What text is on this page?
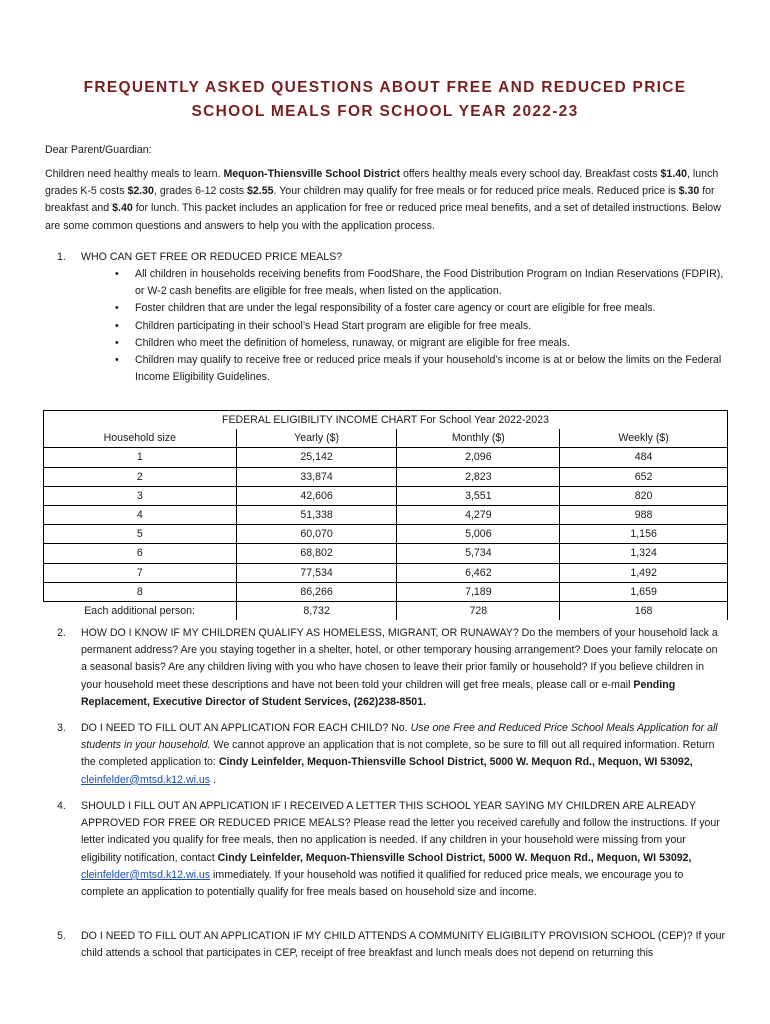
FREQUENTLY ASKED QUESTIONS ABOUT FREE AND REDUCED PRICE
SCHOOL MEALS FOR SCHOOL YEAR 2022-23
Dear Parent/Guardian:
Children need healthy meals to learn. Mequon-Thiensville School District offers healthy meals every school day. Breakfast costs $1.40, lunch grades K-5 costs $2.30, grades 6-12 costs $2.55. Your children may qualify for free meals or for reduced price meals. Reduced price is $.30 for breakfast and $.40 for lunch. This packet includes an application for free or reduced price meal benefits, and a set of detailed instructions. Below are some common questions and answers to help you with the application process.
1. WHO CAN GET FREE OR REDUCED PRICE MEALS?
• All children in households receiving benefits from FoodShare, the Food Distribution Program on Indian Reservations (FDPIR), or W-2 cash benefits are eligible for free meals, when listed on the application.
• Foster children that are under the legal responsibility of a foster care agency or court are eligible for free meals.
• Children participating in their school’s Head Start program are eligible for free meals.
• Children who meet the definition of homeless, runaway, or migrant are eligible for free meals.
• Children may qualify to receive free or reduced price meals if your household’s income is at or below the limits on the Federal Income Eligibility Guidelines.
FEDERAL ELIGIBILITY INCOME CHART For School Year 2022-2023			
Household size	Yearly ($)	Monthly ($)	Weekly ($)
1	25,142	2,096	484
2	33,874	2,823	652
3	42,606	3,551	820
4	51,338	4,279	988
5	60,070	5,006	1,156
6	68,802	5,734	1,324
7	77,534	6,462	1,492
8	86,266	7,189	1,659
Each additional person:	8,732	728	168
2. HOW DO I KNOW IF MY CHILDREN QUALIFY AS HOMELESS, MIGRANT, OR RUNAWAY? Do the members of your household lack a permanent address? Are you staying together in a shelter, hotel, or other temporary housing arrangement? Does your family relocate on a seasonal basis? Are any children living with you who have chosen to leave their prior family or household? If you believe children in your household meet these descriptions and have not been told your children will get free meals, please call or e-mail Pending Replacement, Executive Director of Student Services, (262)238-8501.
3. DO I NEED TO FILL OUT AN APPLICATION FOR EACH CHILD? No. Use one Free and Reduced Price School Meals Application for all students in your household. We cannot approve an application that is not complete, so be sure to fill out all required information. Return the completed application to: Cindy Leinfelder, Mequon-Thiensville School District, 5000 W. Mequon Rd., Mequon, WI 53092, cleinfelder@mtsd.k12.wi.us .
4. SHOULD I FILL OUT AN APPLICATION IF I RECEIVED A LETTER THIS SCHOOL YEAR SAYING MY CHILDREN ARE ALREADY APPROVED FOR FREE OR REDUCED PRICE MEALS? Please read the letter you received carefully and follow the instructions. If your letter indicated you qualify for free meals, then no application is needed. If any children in your household were missing from your eligibility notification, contact Cindy Leinfelder, Mequon-Thiensville School District, 5000 W. Mequon Rd., Mequon, WI 53092, cleinfelder@mtsd.k12.wi.us immediately. If your household was notified it qualified for reduced price meals, we encourage you to complete an application to potentially qualify for free meals based on household size and income.
5. DO I NEED TO FILL OUT AN APPLICATION IF MY CHILD ATTENDS A COMMUNITY ELIGIBILITY PROVISION SCHOOL (CEP)? If your child attends a school that participates in CEP, receipt of free breakfast and lunch meals does not depend on returning this
